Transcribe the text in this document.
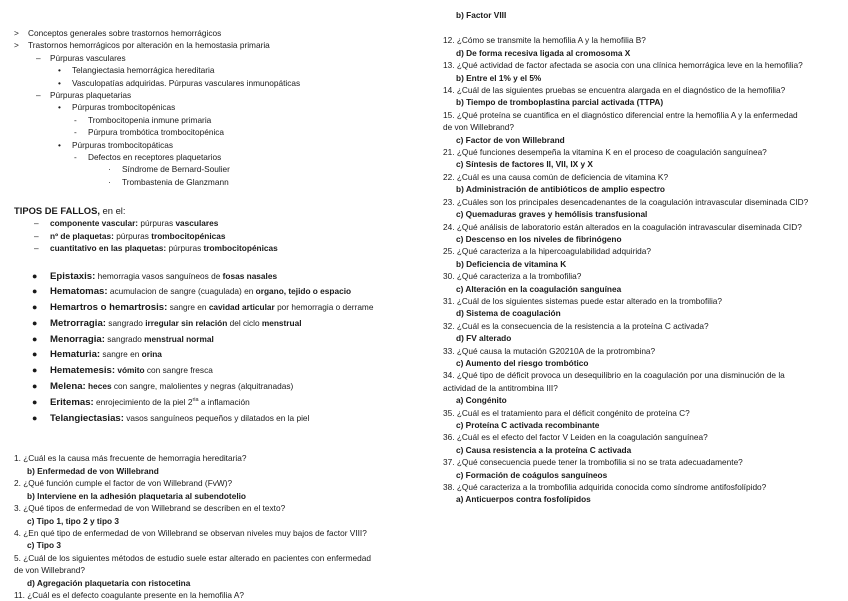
>	Conceptos generales sobre trastornos hemorrágicos
>	Trastornos hemorrágicos por alteración en la hemostasia primaria
–	Púrpuras vasculares
•	Telangiectasia hemorrágica hereditaria
•	Vasculopatías adquiridas. Púrpuras vasculares inmunopáticas
–	Púrpuras plaquetarias
•	Púrpuras trombocitopénicas
-	Trombocitopenia inmune primaria
-	Púrpura trombótica trombocitopénica
•	Púrpuras trombocitopáticas
-	Defectos en receptores plaquetarios
·	Síndrome de Bernard-Soulier
·	Trombastenia de Glanzmann
TIPOS DE FALLOS, en el:
–	componente vascular: púrpuras vasculares
–	nº de plaquetas: púrpuras trombocitopénicas
–	cuantitativo en las plaquetas: púrpuras trombocitopénicas
● Epistaxis: hemorragia vasos sanguíneos de fosas nasales
● Hematomas: acumulacion de sangre (cuagulada) en organo, tejido o espacio
● Hemartros o hemartrosis: sangre en cavidad articular por hemorragia o derrame
● Metrorragia: sangrado irregular sin relación del ciclo menstrual
● Menorragia: sangrado menstrual normal
● Hematuria: sangre en orina
● Hematemesis: vómito con sangre fresca
● Melena: heces con sangre, malolientes y negras (alquitranadas)
● Eritemas: enrojecimiento de la piel $2^{ria}$ a inflamación
● Telangiectasias: vasos sanguíneos pequeños y dilatados en la piel
1. ¿Cuál es la causa más frecuente de hemorragia hereditaria?
b) Enfermedad de von Willebrand
2. ¿Qué función cumple el factor de von Willebrand (FvW)?
b) Interviene en la adhesión plaquetaria al subendotelio
3. ¿Qué tipos de enfermedad de von Willebrand se describen en el texto?
c) Tipo 1, tipo 2 y tipo 3
4. ¿En qué tipo de enfermedad de von Willebrand se observan niveles muy bajos de factor VIII?
c) Tipo 3
5. ¿Cuál de los siguientes métodos de estudio suele estar alterado en pacientes con enfermedad
de von Willebrand?
d) Agregación plaquetaria con ristocetina
11. ¿Cuál es el defecto coagulante presente en la hemofilia A?
b) Factor VIII
12. ¿Cómo se transmite la hemofilia A y la hemofilia B?
d) De forma recesiva ligada al cromosoma X
13. ¿Qué actividad de factor afectada se asocia con una clínica hemorrágica leve en la hemofilia?
b) Entre el 1% y el 5%
14. ¿Cuál de las siguientes pruebas se encuentra alargada en el diagnóstico de la hemofilia?
b) Tiempo de tromboplastina parcial activada (TTPA)
15. ¿Qué proteína se cuantifica en el diagnóstico diferencial entre la hemofilia A y la enfermedad
de von Willebrand?
c) Factor de von Willebrand
21. ¿Qué funciones desempeña la vitamina K en el proceso de coagulación sanguínea?
c) Síntesis de factores II, VII, IX y X
22. ¿Cuál es una causa común de deficiencia de vitamina K?
b) Administración de antibióticos de amplio espectro
23. ¿Cuáles son los principales desencadenantes de la coagulación intravascular diseminada CID?
c) Quemaduras graves y hemólisis transfusional
24. ¿Qué análisis de laboratorio están alterados en la coagulación intravascular diseminada CID?
c) Descenso en los niveles de fibrinógeno
25. ¿Qué caracteriza a la hipercoagulabilidad adquirida?
b) Deficiencia de vitamina K
30. ¿Qué caracteriza a la trombofilia?
c) Alteración en la coagulación sanguínea
31. ¿Cuál de los siguientes sistemas puede estar alterado en la trombofilia?
d) Sistema de coagulación
32. ¿Cuál es la consecuencia de la resistencia a la proteína C activada?
d) FV alterado
33. ¿Qué causa la mutación G20210A de la protrombina?
c) Aumento del riesgo trombótico
34. ¿Qué tipo de déficit provoca un desequilibrio en la coagulación por una disminución de la
actividad de la antitrombina III?
a) Congénito
35. ¿Cuál es el tratamiento para el déficit congénito de proteína C?
c) Proteína C activada recombinante
36. ¿Cuál es el efecto del factor V Leiden en la coagulación sanguínea?
c) Causa resistencia a la proteína C activada
37. ¿Qué consecuencia puede tener la trombofilia si no se trata adecuadamente?
c) Formación de coágulos sanguíneos
38. ¿Qué caracteriza a la trombofilia adquirida conocida como síndrome antifosfolípido?
a) Anticuerpos contra fosfolípidos
